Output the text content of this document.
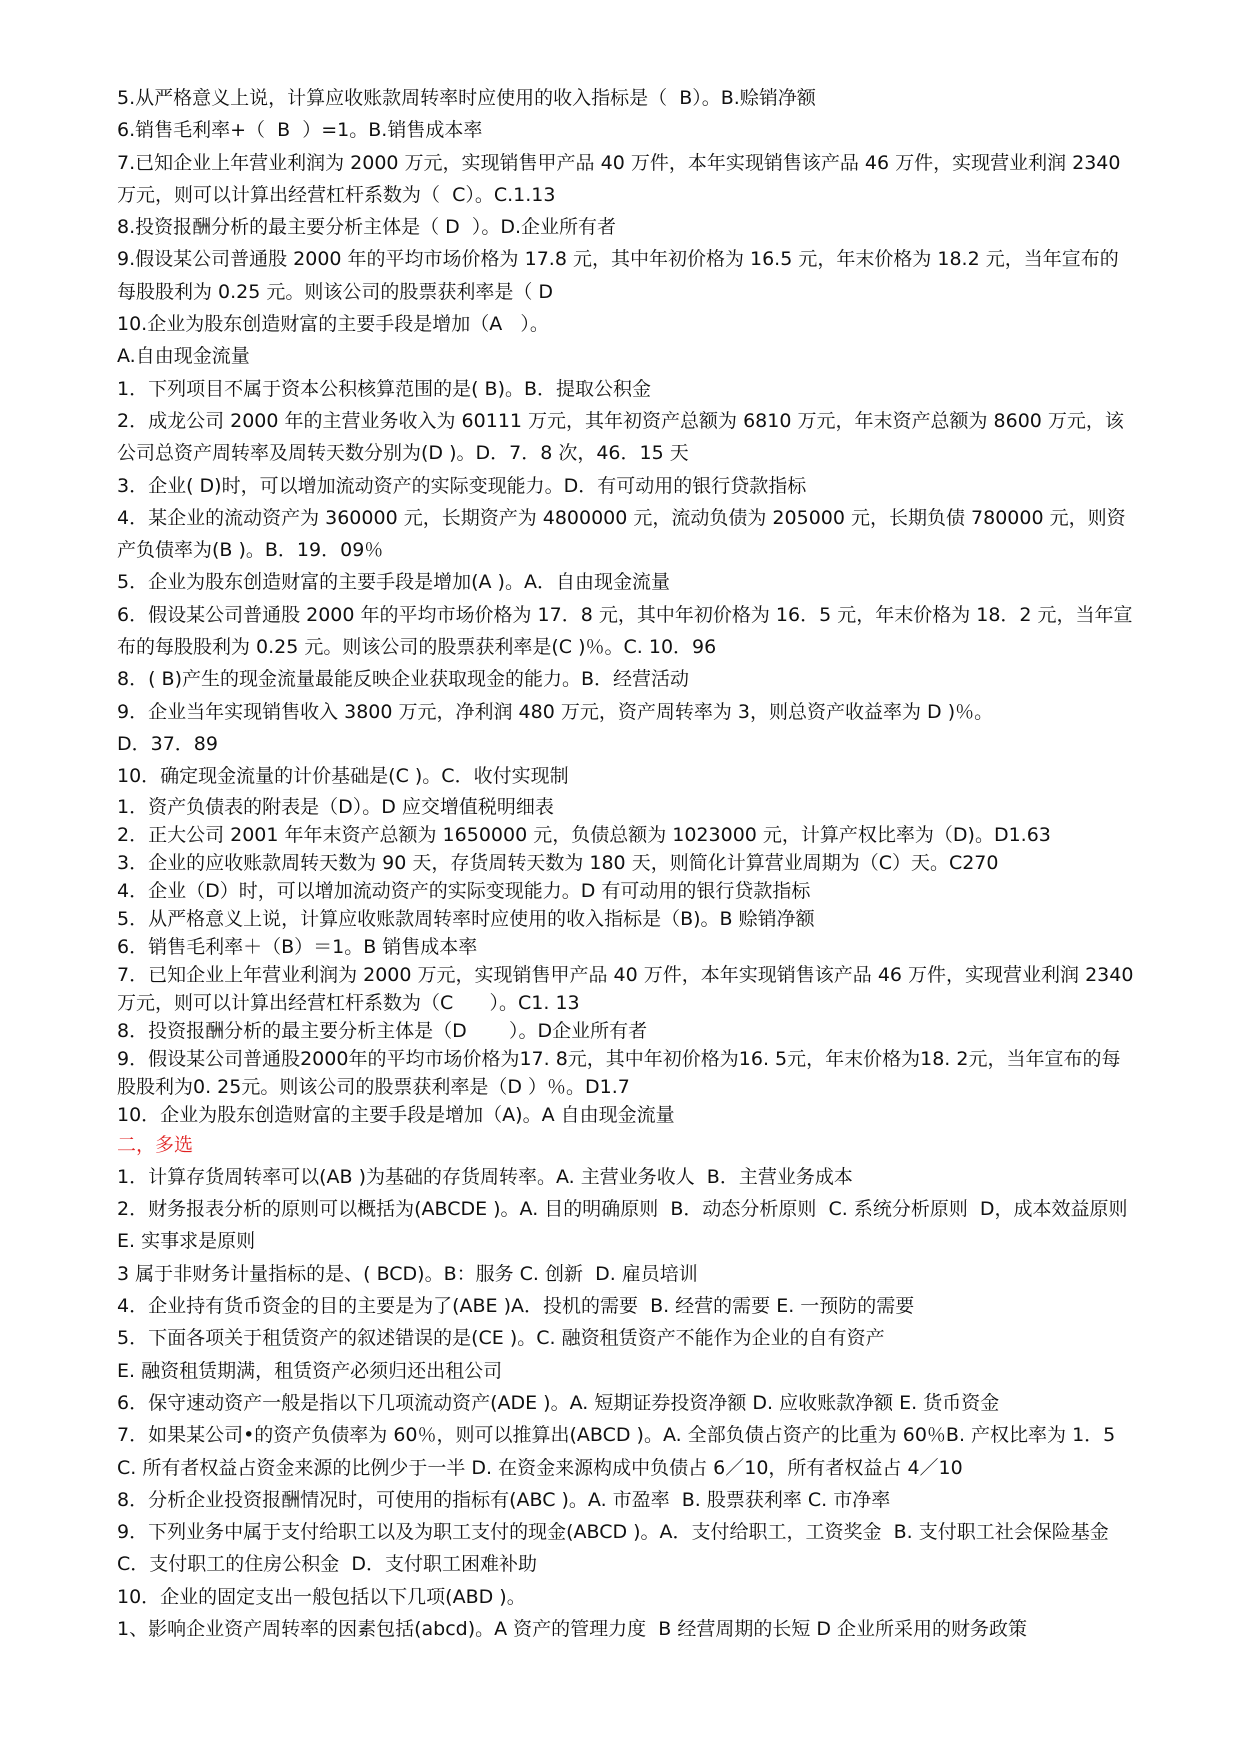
5.从严格意义上说，计算应收账款周转率时应使用的收入指标是（  B）。B.赊销净额

6.销售毛利率+（  B  ）=1。B.销售成本率

7.已知企业上年营业利润为 2000 万元，实现销售甲产品 40 万件，本年实现销售该产品 46 万件，实现营业利润 2340 万元，则可以计算出经营杠杆系数为（  C）。C.1.13

8.投资报酬分析的最主要分析主体是（ D  ）。D.企业所有者

9.假设某公司普通股 2000 年的平均市场价格为 17.8 元，其中年初价格为 16.5 元，年末价格为 18.2 元，当年宣布的每股股利为 0.25 元。则该公司的股票获利率是（ D

10.企业为股东创造财富的主要手段是增加（A   ）。

A.自由现金流量

1．下列项目不属于资本公积核算范围的是( B)。B．提取公积金

2．成龙公司 2000 年的主营业务收入为 60111 万元，其年初资产总额为 6810 万元，年末资产总额为 8600 万元，该公司总资产周转率及周转天数分别为(D )。D．7．8 次，46．15 天

3．企业( D)时，可以增加流动资产的实际变现能力。D．有可动用的银行贷款指标

4．某企业的流动资产为 360000 元，长期资产为 4800000 元，流动负债为 205000 元，长期负债 780000 元，则资产负债率为(B )。B．19．09％

5．企业为股东创造财富的主要手段是增加(A )。A．自由现金流量

6．假设某公司普通股 2000 年的平均市场价格为 17．8 元，其中年初价格为 16．5 元，年末价格为 18．2 元，当年宣布的每股股利为 0.25 元。则该公司的股票获利率是(C )％。C. 10．96

8．( B)产生的现金流量最能反映企业获取现金的能力。B．经营活动

9．企业当年实现销售收入 3800 万元，净利润 480 万元，资产周转率为 3，则总资产收益率为 D )％。

D．37．89

10．确定现金流量的计价基础是(C )。C．收付实现制

1．资产负债表的附表是（D）。D 应交增值税明细表

2．正大公司 2001 年年末资产总额为 1650000 元，负债总额为 1023000 元，计算产权比率为（D)。D1.63

3．企业的应收账款周转天数为 90 天，存货周转天数为 180 天，则简化计算营业周期为（C）天。C270

4．企业（D）时，可以增加流动资产的实际变现能力。D 有可动用的银行贷款指标

5．从严格意义上说，计算应收账款周转率时应使用的收入指标是（B)。B 赊销净额

6．销售毛利率＋（B）＝1。B 销售成本率

7．已知企业上年营业利润为 2000 万元，实现销售甲产品 40 万件，本年实现销售该产品 46 万件，实现营业利润 2340 万元，则可以计算出经营杠杆系数为（C      ）。C1. 13

8．投资报酬分析的最主要分析主体是（D       ）。D企业所有者

9．假设某公司普通股2000年的平均市场价格为17. 8元，其中年初价格为16. 5元，年末价格为18. 2元，当年宣布的每股股利为0. 25元。则该公司的股票获利率是（D ）％。D1.7

10．企业为股东创造财富的主要手段是增加（A)。A 自由现金流量

二，多选

1．计算存货周转率可以(AB )为基础的存货周转率。A. 主营业务收人  B．主营业务成本

2．财务报表分析的原则可以概括为(ABCDE )。A. 目的明确原则  B．动态分析原则  C. 系统分析原则  D，成本效益原则 E. 实事求是原则

3 属于非财务计量指标的是、( BCD)。B：服务 C. 创新  D. 雇员培训

4．企业持有货币资金的目的主要是为了(ABE )A．投机的需要  B. 经营的需要 E. 一预防的需要

5．下面各项关于租赁资产的叙述错误的是(CE )。C. 融资租赁资产不能作为企业的自有资产

E. 融资租赁期满，租赁资产必须归还出租公司

6．保守速动资产一般是指以下几项流动资产(ADE )。A. 短期证券投资净额 D. 应收账款净额 E. 货币资金

7．如果某公司•的资产负债率为 60％，则可以推算出(ABCD )。A. 全部负债占资产的比重为 60％B. 产权比率为 1．5 C. 所有者权益占资金来源的比例少于一半 D. 在资金来源构成中负债占 6／10，所有者权益占 4／10

8．分析企业投资报酬情况时，可使用的指标有(ABC )。A. 市盈率  B. 股票获利率 C. 市净率

9．下列业务中属于支付给职工以及为职工支付的现金(ABCD )。A．支付给职工，工资奖金  B. 支付职工社会保险基金 C．支付职工的住房公积金  D．支付职工困难补助

10．企业的固定支出一般包括以下几项(ABD )。

1、影响企业资产周转率的因素包括(abcd)。A 资产的管理力度  B 经营周期的长短 D 企业所采用的财务政策
